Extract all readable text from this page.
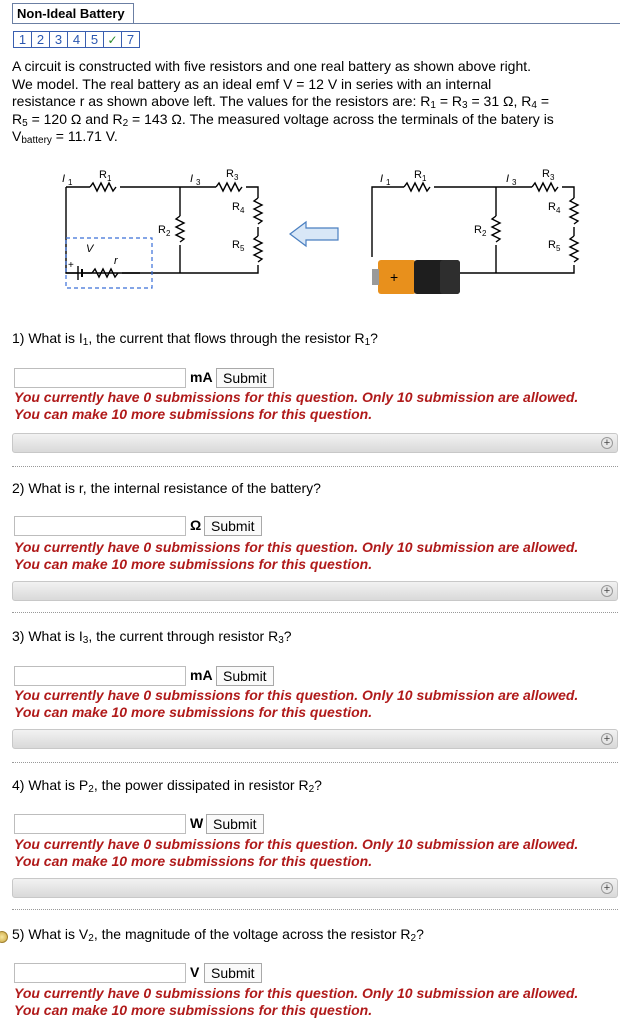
Non-Ideal Battery
1 2 3 4 5 ✓ 7
A circuit is constructed with five resistors and one real battery as shown above right.
We model. The real battery as an ideal emf V = 12 V in series with an internal
resistance r as shown above left. The values for the resistors are: $R_1 = R_3 = 31$ Ω, $R_4$ =
$R_5 = 120$ Ω and $R_2 = 143$ Ω. The measured voltage across the terminals of the batery is
$V_{battery} = 11.71$ V.
I 1
R 1	I 3
R 3
R 2
R 4
R 5
V
r
+
+
I 1
R 1	I 3
R 3
R 2
R 4
R 5
1) What is $I_1$, the current that flows through the resistor $R_1$?
mA Submit
You currently have 0 submissions for this question. Only 10 submission are allowed.
You can make 10 more submissions for this question.
+
2) What is r, the internal resistance of the battery?
Ω Submit
You currently have 0 submissions for this question. Only 10 submission are allowed.
You can make 10 more submissions for this question.
+
3) What is $I_3$, the current through resistor $R_3$?
mA Submit
You currently have 0 submissions for this question. Only 10 submission are allowed.
You can make 10 more submissions for this question.
+
4) What is $P_2$, the power dissipated in resistor $R_2$?
W Submit
You currently have 0 submissions for this question. Only 10 submission are allowed.
You can make 10 more submissions for this question.
+
5) What is $V_2$, the magnitude of the voltage across the resistor $R_2$?
V Submit
You currently have 0 submissions for this question. Only 10 submission are allowed.
You can make 10 more submissions for this question.
